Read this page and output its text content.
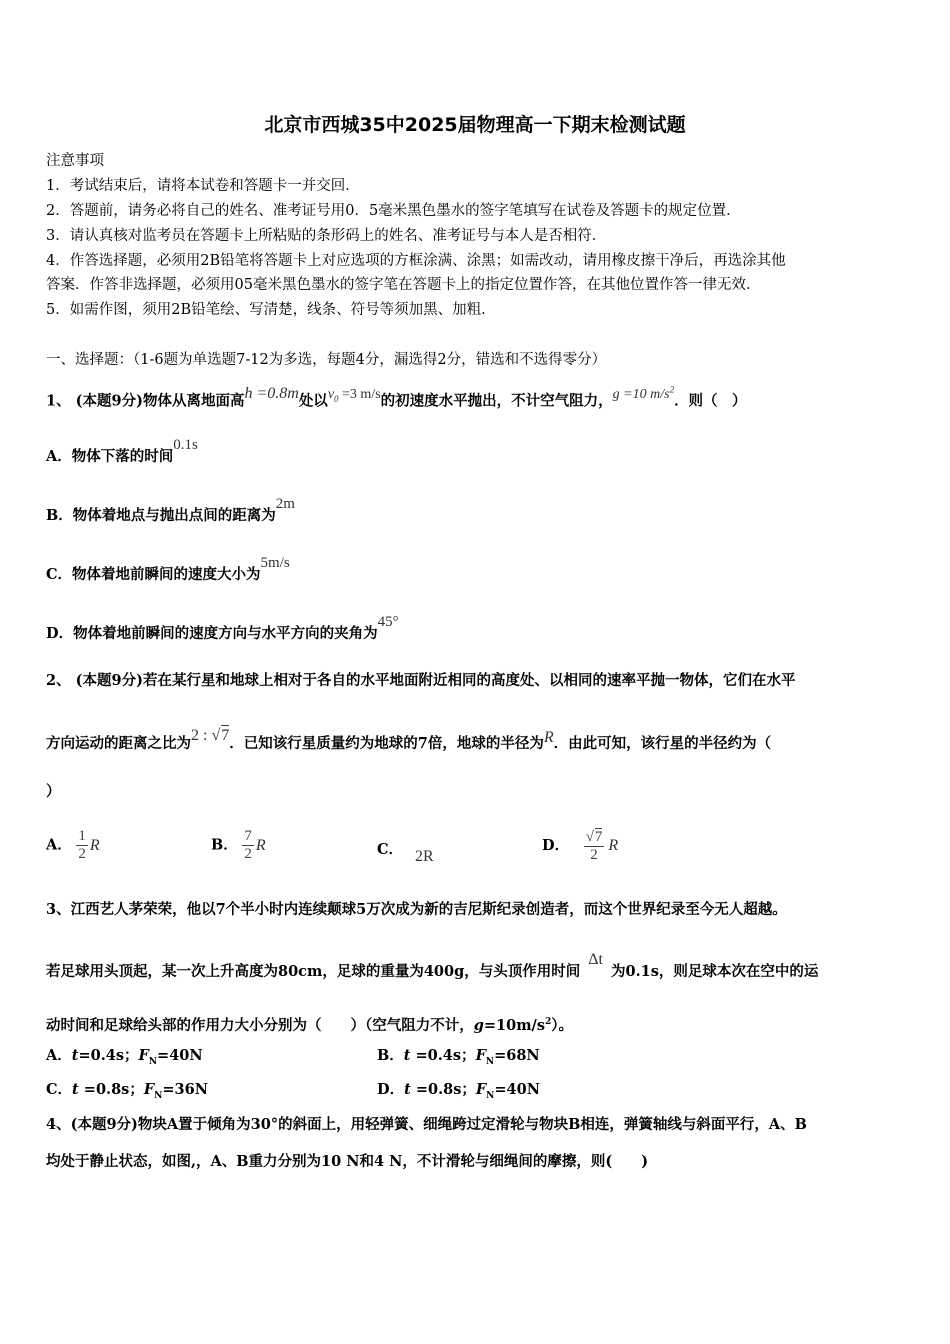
北京市西城35中2025届物理高一下期末检测试题
注意事项
1．考试结束后，请将本试卷和答题卡一并交回．
2．答题前，请务必将自己的姓名、准考证号用0．5毫米黑色墨水的签字笔填写在试卷及答题卡的规定位置．
3．请认真核对监考员在答题卡上所粘贴的条形码上的姓名、准考证号与本人是否相符．
4．作答选择题，必须用2B铅笔将答题卡上对应选项的方框涂满、涂黑；如需改动，请用橡皮擦干净后，再选涂其他
答案．作答非选择题，必须用05毫米黑色墨水的签字笔在答题卡上的指定位置作答，在其他位置作答一律无效．
5．如需作图，须用2B铅笔绘、写清楚，线条、符号等须加黑、加粗．
一、选择题：（1-6题为单选题7-12为多选，每题4分，漏选得2分，错选和不选得零分）
1、 (本题9分)物体从离地面高h =0.8m处以$v_0 =3$ m/s的初速度水平抛出，不计空气阻力，g =10 $m/s^2$．则（　）
A．物体下落的时间0.1s
B．物体着地点与抛出点间的距离为2m
C．物体着地前瞬间的速度大小为5m/s
D．物体着地前瞬间的速度方向与水平方向的夹角为45°
2、 (本题9分)若在某行星和地球上相对于各自的水平地面附近相同的高度处、以相同的速率平抛一物体，它们在水平
方向运动的距离之比为2 : √7．已知该行星质量约为地球的7倍，地球的半径为R．由此可知，该行星的半径约为（
）
A． $\frac{1}{2}$ R	B． $\frac{7}{2}$ R	C． 2R
D． $\frac{√7}{2}$ R
3、江西艺人茅荣荣，他以7个半小时内连续颠球5万次成为新的吉尼斯纪录创造者，而这个世界纪录至今无人超越。
若足球用头顶起，某一次上升高度为80cm，足球的重量为400g，与头顶作用时间Δt为0.1s，则足球本次在空中的运
动时间和足球给头部的作用力大小分别为（　　）（空气阻力不计，$g=10m/s^2$）。
A．t=0.4s；$F_N=40N$	B．t =0.4s；$F_N=68N$
C．t =0.8s；$F_N=36N$	D．t =0.8s；$F_N=40N$
4、(本题9分)物块A置于倾角为30°的斜面上，用轻弹簧、细绳跨过定滑轮与物块B相连，弹簧轴线与斜面平行，A、B
均处于静止状态，如图,，A、B重力分别为10 N和4 N，不计滑轮与细绳间的摩擦，则(　　)
